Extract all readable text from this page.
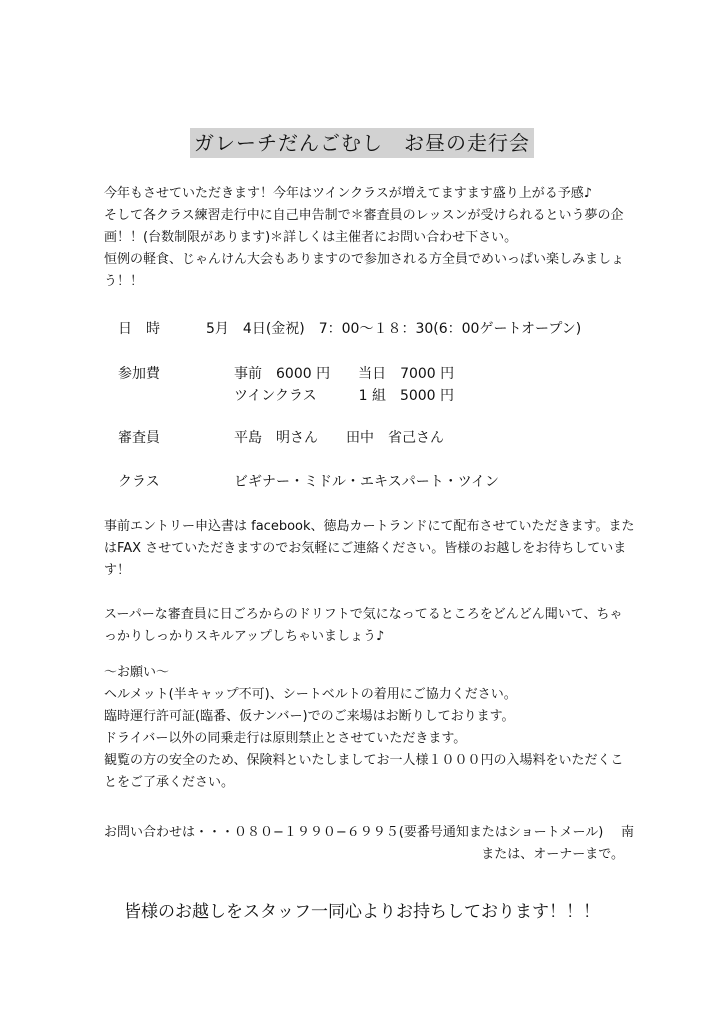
ガレーチだんごむし　お昼の走行会
今年もさせていただきます！今年はツインクラスが増えてますます盛り上がる予感♪
そして各クラス練習走行中に自己申告制で＊審査員のレッスンが受けられるという夢の企
画！！(台数制限があります)＊詳しくは主催者にお問い合わせ下さい。
恒例の軽食、じゃんけん大会もありますので参加される方全員でめいっぱい楽しみましょ
う！！
日　時	5月　4日(金祝)　7：00〜１８：30(6：00ゲートオープン)
参加費	事前　6000 円　　当日　7000 円
ツインクラス　　　1 組　5000 円
審査員	平島　明さん　　田中　省己さん
クラス	ビギナー・ミドル・エキスパート・ツイン
事前エントリー申込書は facebook、徳島カートランドにて配布させていただきます。また
はFAX させていただきますのでお気軽にご連絡ください。皆様のお越しをお待ちしていま
す！
スーパーな審査員に日ごろからのドリフトで気になってるところをどんどん聞いて、ちゃ
っかりしっかりスキルアップしちゃいましょう♪
〜お願い〜
ヘルメット(半キャップ不可)、シートベルトの着用にご協力ください。
臨時運行許可証(臨番、仮ナンバー)でのご来場はお断りしております。
ドライバー以外の同乗走行は原則禁止とさせていただきます。
観覧の方の安全のため、保険料といたしましてお一人様１０００円の入場料をいただくこ
とをご了承ください。
お問い合わせは・・・０８０−１９９０−６９９５(要番号通知またはショートメール) 南
または、オーナーまで。
皆様のお越しをスタッフ一同心よりお持ちしております！！！
